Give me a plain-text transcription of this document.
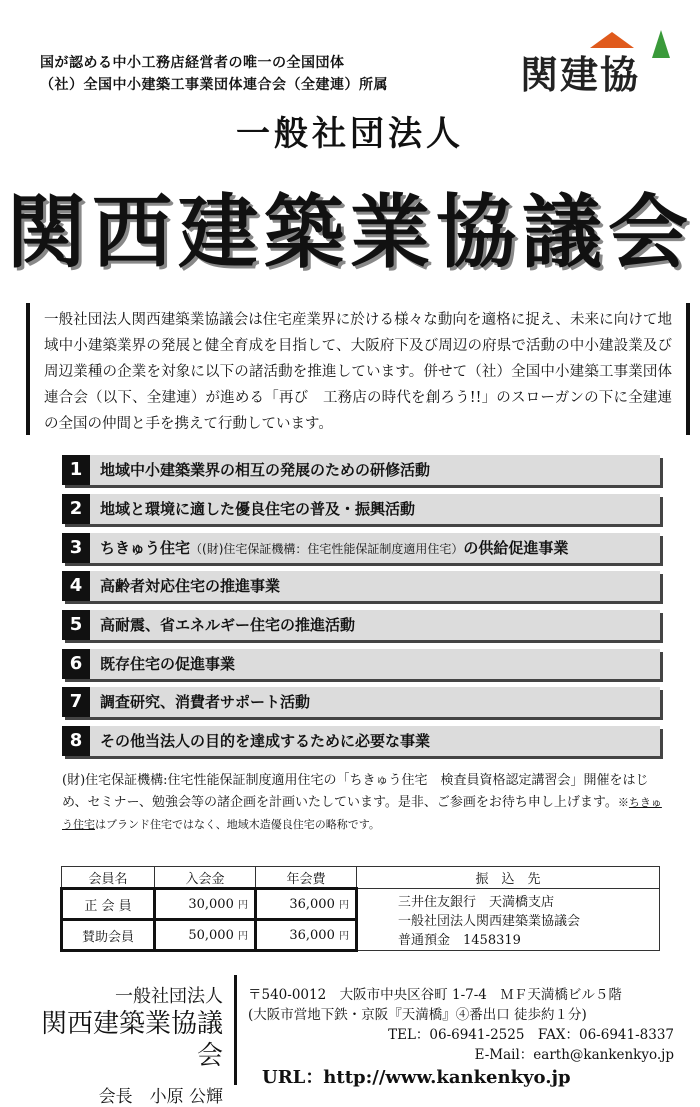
国が認める中小工務店経営者の唯一の全国団体
（社）全国中小建築工事業団体連合会（全建連）所属	関建協
一般社団法人
関西建築業協議会
一般社団法人関西建築業協議会は住宅産業界に於ける様々な動向を適格に捉え、未来に向けて地域中小建築業界の発展と健全育成を目指して、大阪府下及び周辺の府県で活動の中小建設業及び周辺業種の企業を対象に以下の諸活動を推進しています。併せて（社）全国中小建築工事業団体連合会（以下、全建連）が進める「再び　工務店の時代を創ろう!!」のスローガンの下に全建連の全国の仲間と手を携えて行動しています。
1	地域中小建築業界の相互の発展のための研修活動
2	地域と環境に適した優良住宅の普及・振興活動
3	ちきゅう住宅（(財)住宅保証機構：住宅性能保証制度適用住宅）の供給促進事業
4	高齢者対応住宅の推進事業
5	高耐震、省エネルギー住宅の推進活動
6	既存住宅の促進事業
7	調査研究、消費者サポート活動
8	その他当法人の目的を達成するために必要な事業
(財)住宅保証機構:住宅性能保証制度適用住宅の「ちきゅう住宅　検査員資格認定講習会」開催をはじめ、セミナー、勉強会等の諸企画を計画いたしています。是非、ご参画をお待ち申し上げます。※ちきゅう住宅はブランド住宅ではなく、地域木造優良住宅の略称です。
会員名	入会金	年会費	振　込　先
正 会 員	30,000 円	36,000 円	三井住友銀行　天満橋支店
一般社団法人関西建築業協議会
普通預金　1458319

賛助会員	50,000 円	36,000 円	
一般社団法人
関西建築業協議会
会長　小原 公輝
〒540-0012　大阪市中央区谷町 1-7-4　ＭＦ天満橋ビル５階
(大阪市営地下鉄・京阪『天満橋』④番出口 徒歩約１分)
TEL：06-6941-2525　FAX：06-6941-8337
E-Mail：earth@kankenkyo.jp
URL：http://www.kankenkyo.jp
